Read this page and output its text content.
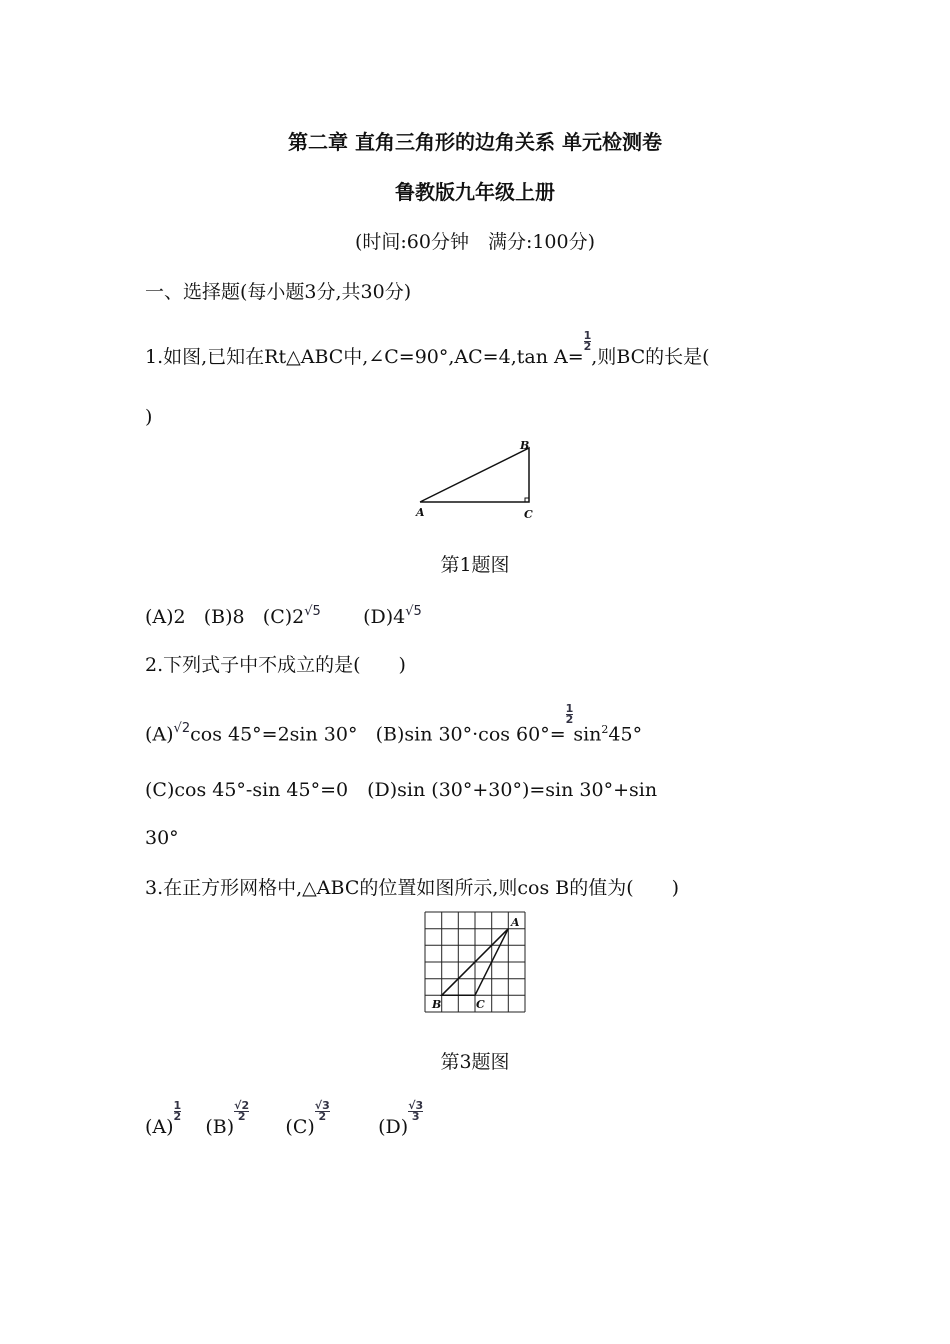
第二章 直角三角形的边角关系 单元检测卷
鲁教版九年级上册
(时间:60分钟　满分:100分)
一、选择题(每小题3分,共30分)
1.如图,已知在Rt△ABC中,∠C=90°,AC=4,tan A=
$\frac{1}{2}$
,则BC的长是(
)
B
A	C
第1题图
(A)2 (B)8 $(C)2^{√5}$ $(D)4^{√5}$
2.下列式子中不成立的是(　　)
$(A)^{√2}\cos$ 45°=2sin 30° (B)sin 30°·cos 60°=
$\frac{1}{2}$
$\sin^245^\circ$
(C)cos 45°-sin 45°=0　(D)sin (30°+30°)=sin 30°+sin
30°
3.在正方形网格中,△ABC的位置如图所示,则cos B的值为(　　)
A
B	C
第3题图
(A)
$\frac{1}{2}$
(B)
$\frac{√2}{2}$
(C)
$\frac{√3}{2}$
(D)
$\frac{√3}{3}$
